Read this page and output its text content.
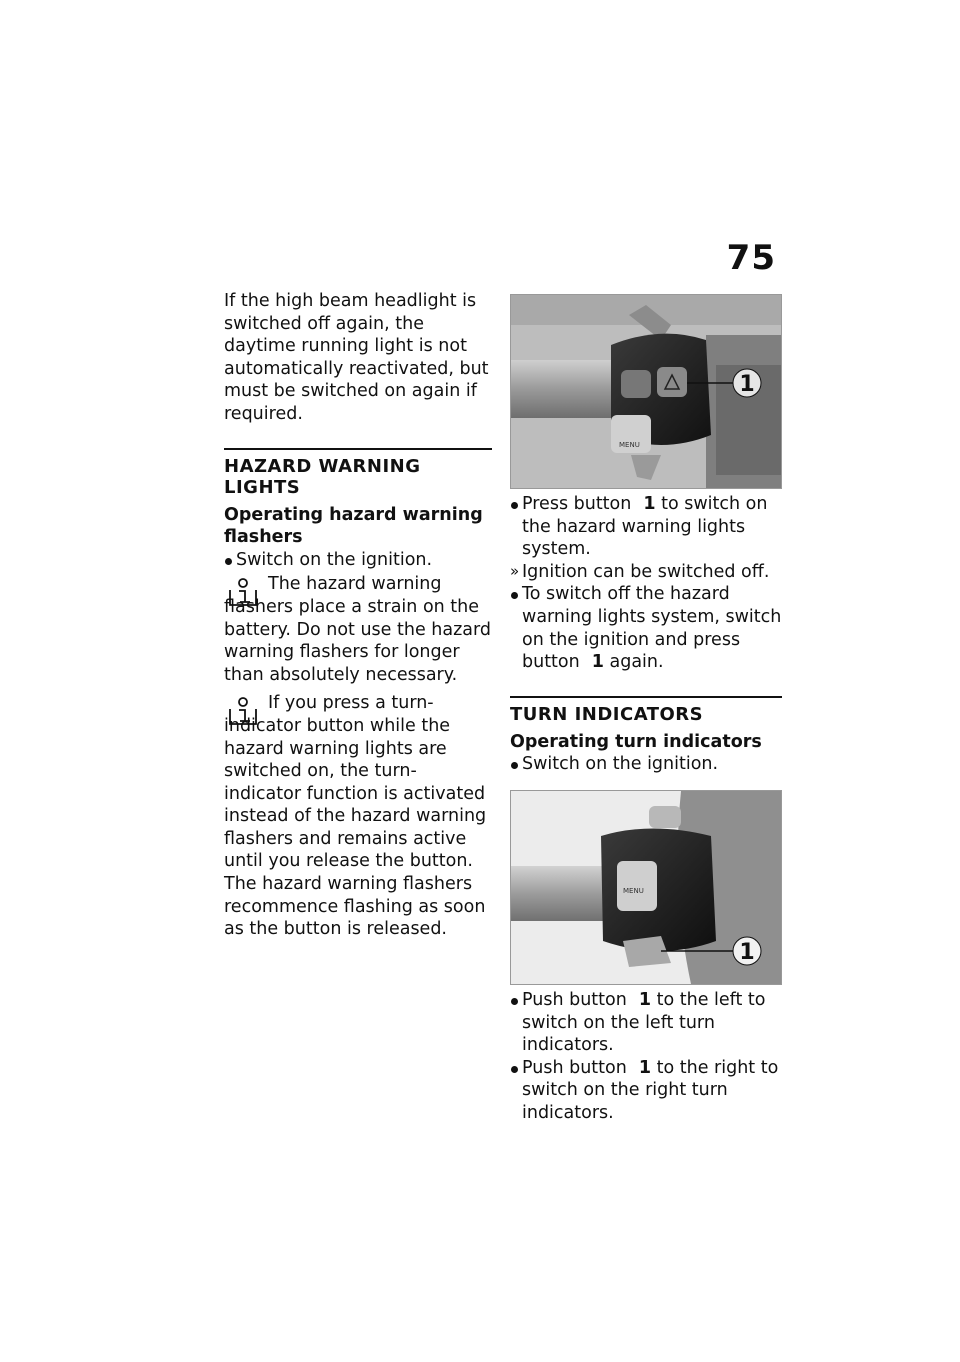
75

If the high beam headlight is switched off again, the daytime running light is not automatically reactivated, but must be switched on again if required.

HAZARD WARNING LIGHTS
Operating hazard warning flashers
Switch on the ignition.

The hazard warning flashers place a strain on the battery. Do not use the hazard warning flashers for longer than absolutely necessary.

If you press a turn-indicator button while the hazard warning lights are switched on, the turn-indicator function is activated instead of the hazard warning flashers and remains active until you release the button. The hazard warning flashers recommence flashing as soon as the button is released.

MENU
1
Press button 1 to switch on the hazard warning lights system.
» Ignition can be switched off.
To switch off the hazard warning lights system, switch on the ignition and press button 1 again.
TURN INDICATORS
Operating turn indicators
Switch on the ignition.
MENU
1
Push button 1 to the left to switch on the left turn indicators.
Push button 1 to the right to switch on the right turn indicators.
